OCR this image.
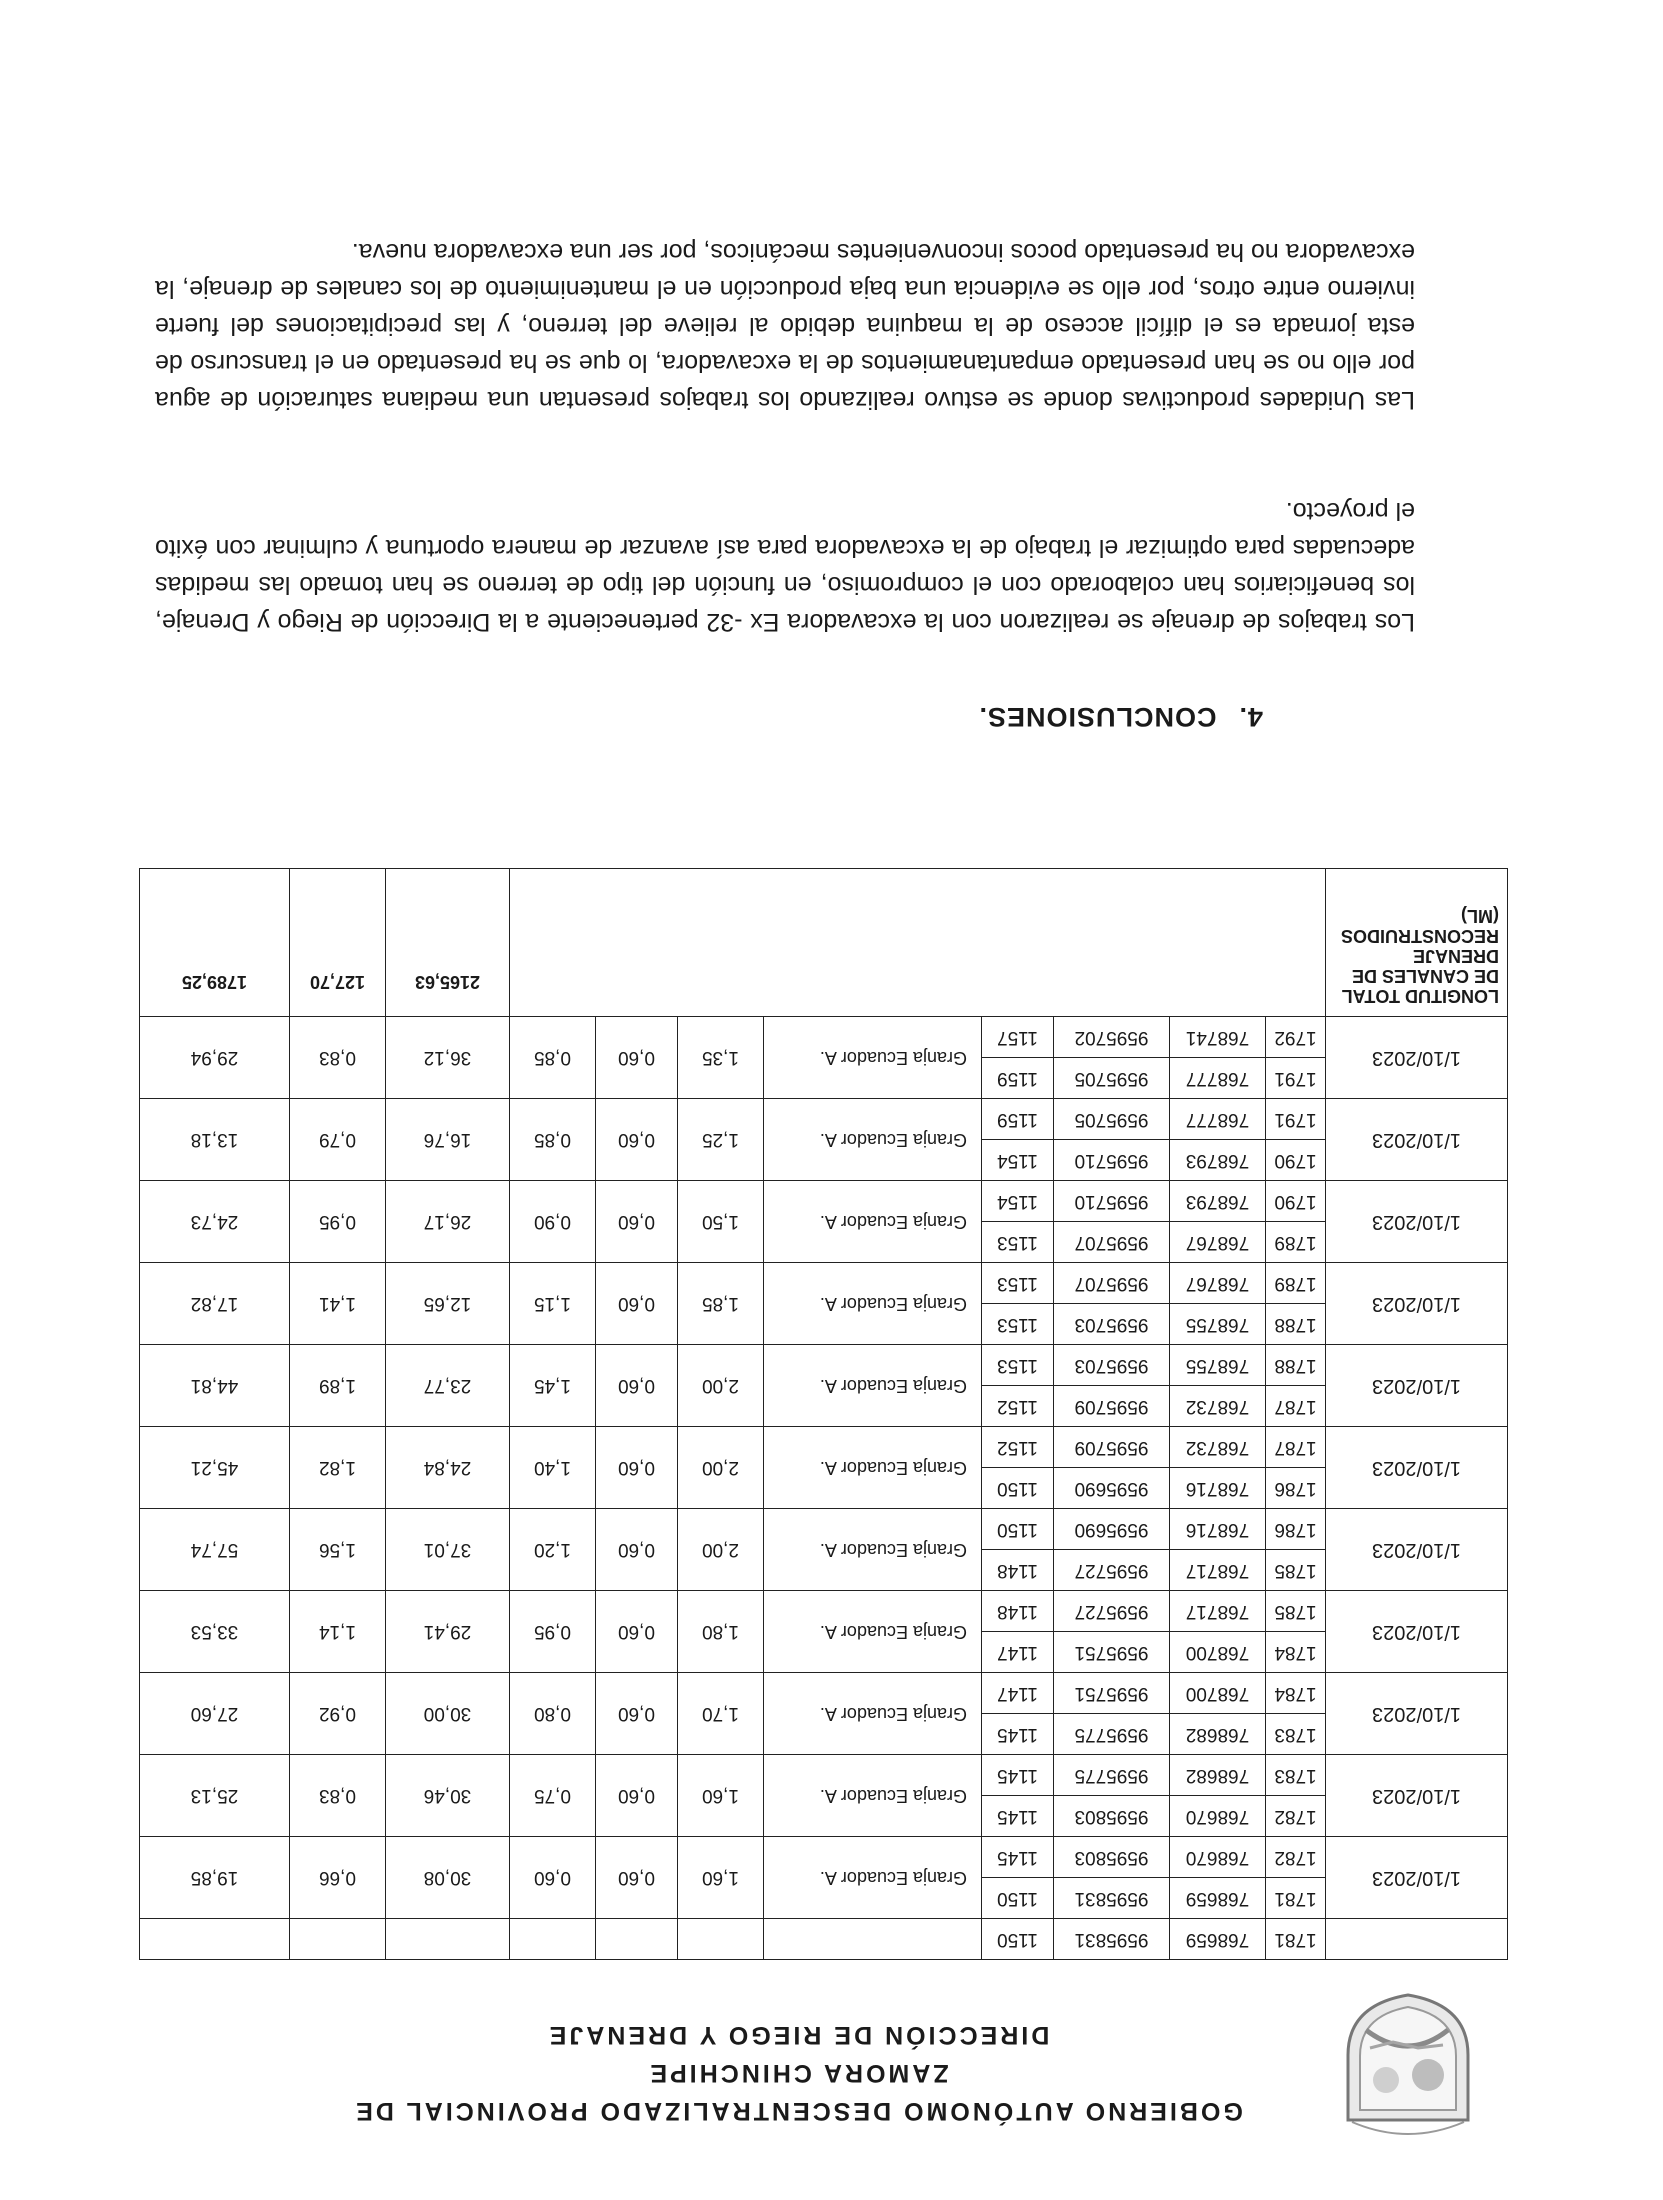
GOBIERNO AUTÓNOMO DESCENTRALIZADO PROVINCIAL DE
ZAMORA CHINCHIPE
DIRECCIÓN DE RIEGO Y DRENAJE
	1781	768659	9595831	1150							
1/10/2023	1781	768659	9595831	1150	Granja Ecuador A.	1,60	0,60	0,60	30,08	0,66	19,85
	1782	768670	9595803	1145							
1/10/2023	1782	768670	9595803	1145	Granja Ecuador A.	1,60	0,60	0,75	30,46	0,83	25,13
	1783	768682	9595775	1145							
1/10/2023	1783	768682	9595775	1145	Granja Ecuador A.	1,70	0,60	0,80	30,00	0,92	27,60
	1784	768700	9595751	1147							
1/10/2023	1784	768700	9595751	1147	Granja Ecuador A.	1,80	0,60	0,95	29,41	1,14	33,53
	1785	768717	9595727	1148							
1/10/2023	1785	768717	9595727	1148	Granja Ecuador A.	2,00	0,60	1,20	37,01	1,56	57,74
	1786	768716	9595690	1150							
1/10/2023	1786	768716	9595690	1150	Granja Ecuador A.	2,00	0,60	1,40	24,84	1,82	45,21
	1787	768732	9595709	1152							
1/10/2023	1787	768732	9595709	1152	Granja Ecuador A.	2,00	0,60	1,45	23,77	1,89	44,81
	1788	768755	9595703	1153							
1/10/2023	1788	768755	9595703	1153	Granja Ecuador A.	1,85	0,60	1,15	12,65	1,41	17,82
	1789	768767	9595707	1153							
1/10/2023	1789	768767	9595707	1153	Granja Ecuador A.	1,50	0,60	0,90	26,17	0,95	24,73
	1790	768793	9595710	1154							
1/10/2023	1790	768793	9595710	1154	Granja Ecuador A.	1,25	0,60	0,85	16,76	0,79	13,18
	1791	768777	9595705	1159							
1/10/2023	1791	768777	9595705	1159	Granja Ecuador A.	1,35	0,60	0,85	36,12	0,83	29,94
	1792	768741	9595702	1157							
LONGITUD TOTAL DE CANALES DE DRENAJE RECONSTRUIDOS (ML)									2165,63	127,70	1789,25
4.CONCLUSIONES.

Los trabajos de drenaje se realizaron con la excavadora Ex -32 perteneciente a la Dirección de Riego y Drenaje, los beneficiarios han colaborado con el compromiso, en función del tipo de terreno se han tomado las medidas adecuadas para optimizar el trabajo de la excavadora para así avanzar de manera oportuna y culminar con éxito el proyecto.

Las Unidades productivas donde se estuvo realizando los trabajos presentan una mediana saturación de agua por ello no se han presentado empantanamientos de la excavadora, lo que se ha presentado en el transcurso de esta jornada es el difícil acceso de la maquina debido al relieve del terreno, y las precipitaciones del fuerte invierno entre otros, por ello se evidencia una baja producción en el mantenimiento de los canales de drenaje, la excavadora no ha presentado pocos inconvenientes mecánicos, por ser una excavadora nueva.
